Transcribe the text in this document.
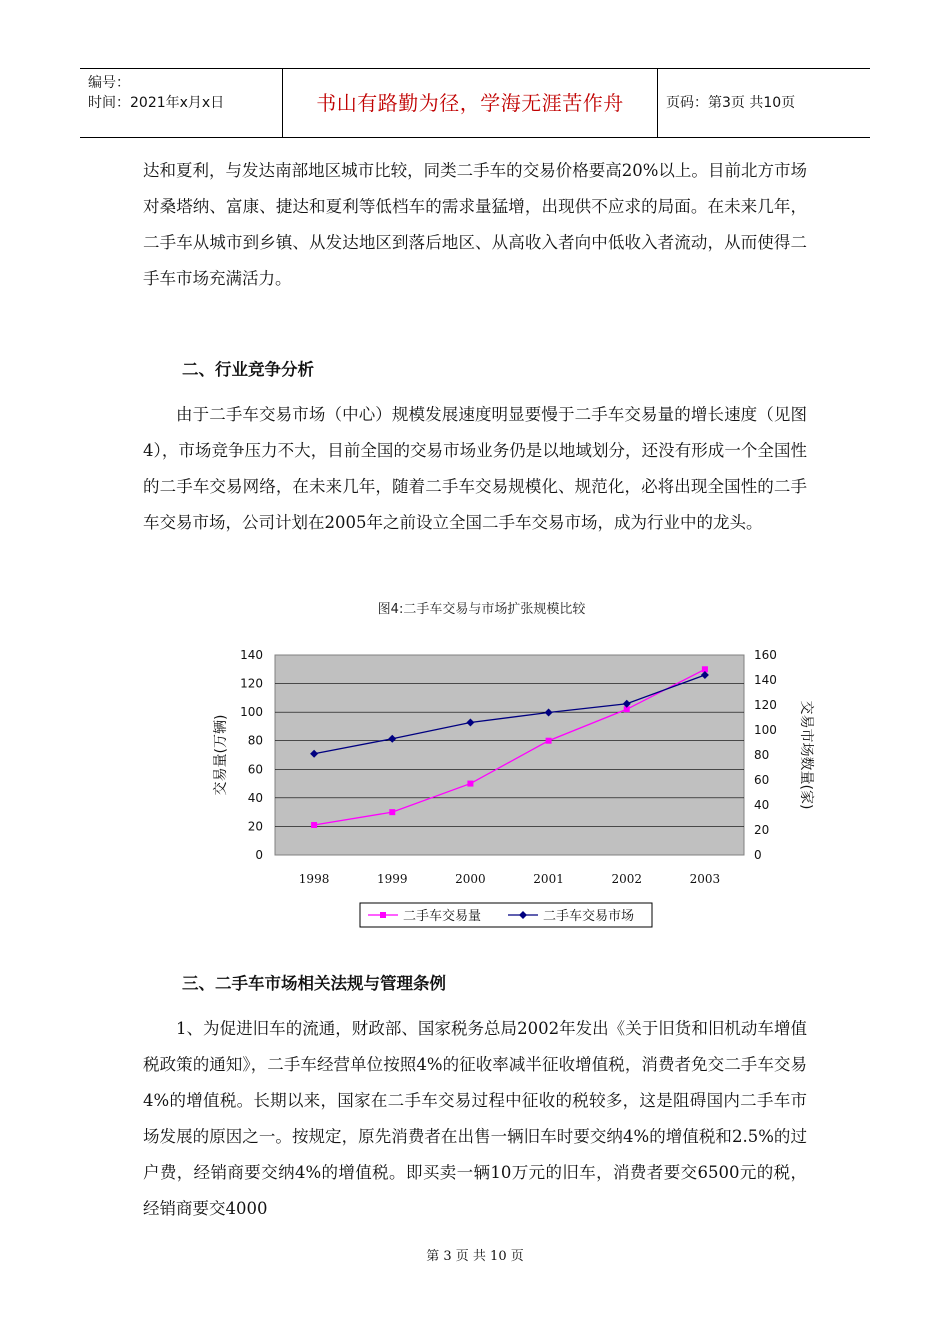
编号：
时间：2021年x月x日	书山有路勤为径，学海无涯苦作舟	页码：第3页 共10页

达和夏利，与发达南部地区城市比较，同类二手车的交易价格要高20%以上。目前北方市场对桑塔纳、富康、捷达和夏利等低档车的需求量猛增，出现供不应求的局面。在未来几年，二手车从城市到乡镇、从发达地区到落后地区、从高收入者向中低收入者流动，从而使得二手车市场充满活力。

二、行业竞争分析

由于二手车交易市场（中心）规模发展速度明显要慢于二手车交易量的增长速度（见图4），市场竞争压力不大，目前全国的交易市场业务仍是以地域划分，还没有形成一个全国性的二手车交易网络，在未来几年，随着二手车交易规模化、规范化，必将出现全国性的二手车交易市场，公司计划在2005年之前设立全国二手车交易市场，成为行业中的龙头。

图4:二手车交易与市场扩张规模比较
0
20
40
60
80
100
120
140
0
20
40
60
80
100
120
140
160
1998	1999	2000	2001	2002	2003
交易量(万辆)	交易市场数量(家)
二手车交易量	二手车交易市场
三、二手车市场相关法规与管理条例

1、为促进旧车的流通，财政部、国家税务总局2002年发出《关于旧货和旧机动车增值税政策的通知》，二手车经营单位按照4%的征收率减半征收增值税，消费者免交二手车交易4%的增值税。长期以来，国家在二手车交易过程中征收的税较多，这是阻碍国内二手车市场发展的原因之一。按规定，原先消费者在出售一辆旧车时要交纳4%的增值税和2.5%的过户费，经销商要交纳4%的增值税。即买卖一辆10万元的旧车，消费者要交6500元的税，经销商要交4000

第 3 页 共 10 页
